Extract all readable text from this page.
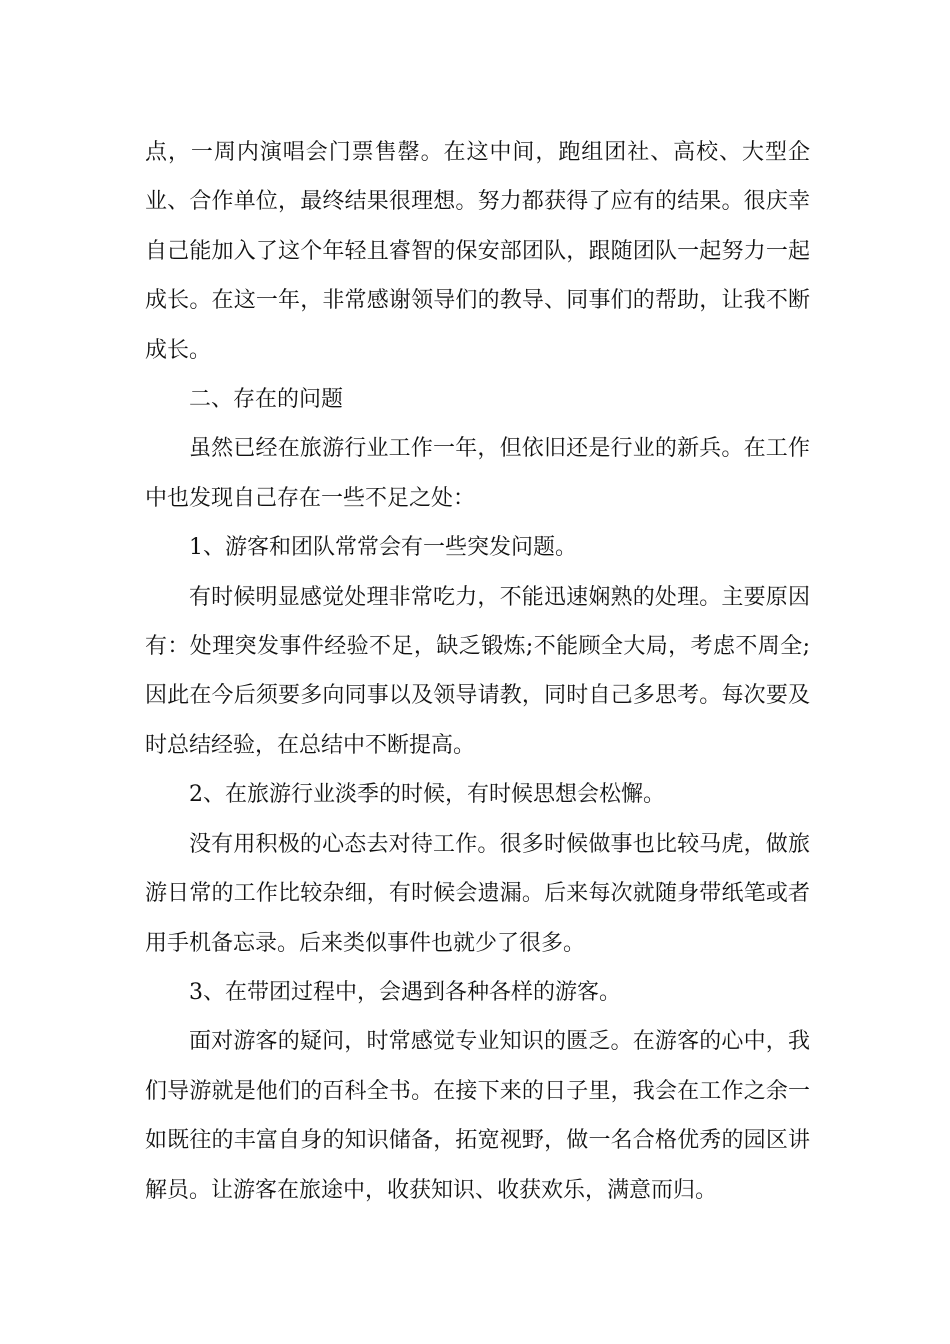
点，一周内演唱会门票售罄。在这中间，跑组团社、高校、大型企业、合作单位，最终结果很理想。努力都获得了应有的结果。很庆幸自己能加入了这个年轻且睿智的保安部团队，跟随团队一起努力一起成长。在这一年，非常感谢领导们的教导、同事们的帮助，让我不断成长。

二、存在的问题

虽然已经在旅游行业工作一年，但依旧还是行业的新兵。在工作中也发现自己存在一些不足之处：

1、游客和团队常常会有一些突发问题。

有时候明显感觉处理非常吃力，不能迅速娴熟的处理。主要原因有：处理突发事件经验不足，缺乏锻炼;不能顾全大局，考虑不周全;因此在今后须要多向同事以及领导请教，同时自己多思考。每次要及时总结经验，在总结中不断提高。

2、在旅游行业淡季的时候，有时候思想会松懈。

没有用积极的心态去对待工作。很多时候做事也比较马虎，做旅游日常的工作比较杂细，有时候会遗漏。后来每次就随身带纸笔或者用手机备忘录。后来类似事件也就少了很多。

3、在带团过程中，会遇到各种各样的游客。

面对游客的疑问，时常感觉专业知识的匮乏。在游客的心中，我们导游就是他们的百科全书。在接下来的日子里，我会在工作之余一如既往的丰富自身的知识储备，拓宽视野，做一名合格优秀的园区讲解员。让游客在旅途中，收获知识、收获欢乐，满意而归。
